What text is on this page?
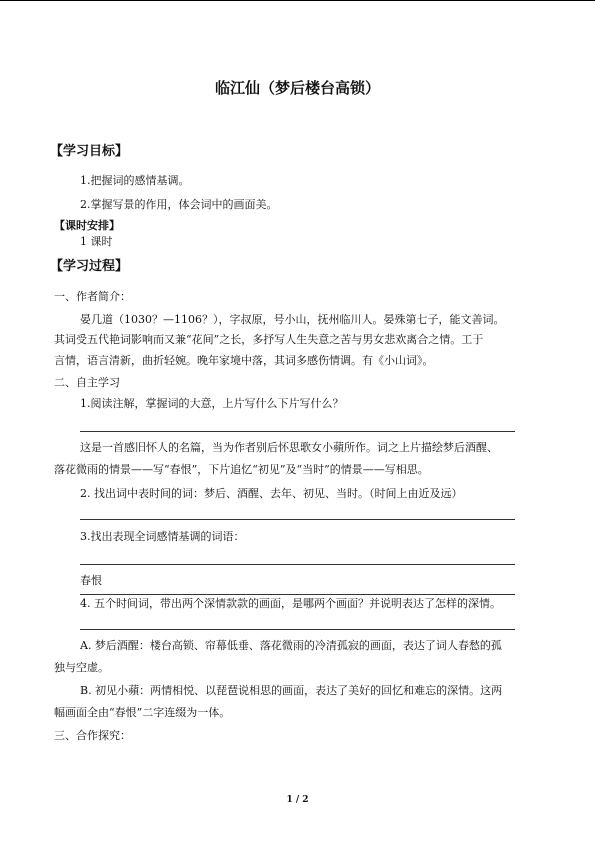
临江仙（梦后楼台高锁）
【学习目标】
1.把握词的感情基调。
2.掌握写景的作用，体会词中的画面美。
【课时安排】
1 课时
【学习过程】
一、作者简介：
晏几道（1030？—1106？），字叔原，号小山，抚州临川人。晏殊第七子，能文善词。
其词受五代艳词影响而又兼“花间”之长，多抒写人生失意之苦与男女悲欢离合之情。工于
言情，语言清新，曲折轻婉。晚年家境中落，其词多感伤情调。有《小山词》。
二、自主学习
1.阅读注解，掌握词的大意，上片写什么下片写什么？
这是一首感旧怀人的名篇，当为作者别后怀思歌女小蘋所作。词之上片描绘梦后酒醒、
落花微雨的情景——写“春恨”，下片追忆“初见”及“当时”的情景——写相思。
2. 找出词中表时间的词：梦后、酒醒、去年、初见、当时。（时间上由近及远）
3.找出表现全词感情基调的词语：
春恨
4. 五个时间词，带出两个深情款款的画面，是哪两个画面？并说明表达了怎样的深情。
A. 梦后酒醒：楼台高锁、帘幕低垂、落花微雨的冷清孤寂的画面，表达了词人春愁的孤
独与空虚。
B. 初见小蘋：两情相悦、以琵琶说相思的画面，表达了美好的回忆和难忘的深情。这两
幅画面全由“春恨”二字连缀为一体。
三、合作探究：
1 / 2
